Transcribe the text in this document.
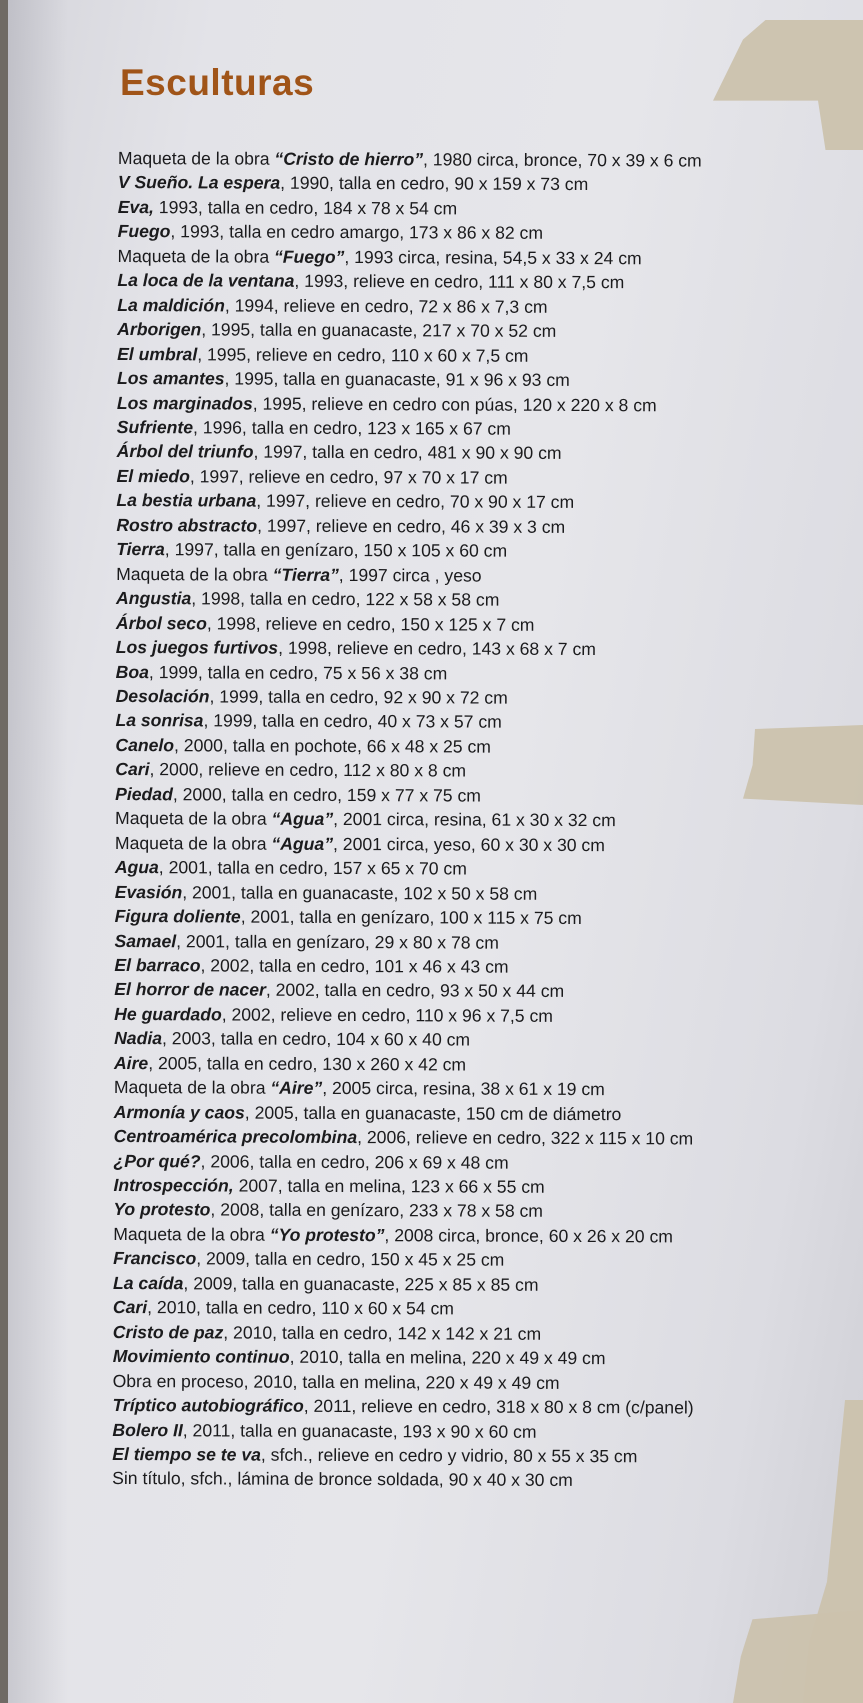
Esculturas
Maqueta de la obra “Cristo de hierro”, 1980 circa, bronce, 70 x 39 x 6 cm
V Sueño. La espera, 1990, talla en cedro, 90 x 159 x 73 cm
Eva, 1993, talla en cedro, 184 x 78 x 54 cm
Fuego, 1993, talla en cedro amargo, 173 x 86 x 82 cm
Maqueta de la obra “Fuego”, 1993 circa, resina, 54,5 x 33 x 24 cm
La loca de la ventana, 1993, relieve en cedro, 111 x 80 x 7,5 cm
La maldición, 1994, relieve en cedro, 72 x 86 x 7,3 cm
Arborigen, 1995, talla en guanacaste, 217 x 70 x 52 cm
El umbral, 1995, relieve en cedro, 110 x 60 x 7,5 cm
Los amantes, 1995, talla en guanacaste, 91 x 96 x 93 cm
Los marginados, 1995, relieve en cedro con púas, 120 x 220 x 8 cm
Sufriente, 1996, talla en cedro, 123 x 165 x 67 cm
Árbol del triunfo, 1997, talla en cedro, 481 x 90 x 90 cm
El miedo, 1997, relieve en cedro, 97 x 70 x 17 cm
La bestia urbana, 1997, relieve en cedro, 70 x 90 x 17 cm
Rostro abstracto, 1997, relieve en cedro, 46 x 39 x 3 cm
Tierra, 1997, talla en genízaro, 150 x 105 x 60 cm
Maqueta de la obra “Tierra”, 1997 circa , yeso
Angustia, 1998, talla en cedro, 122 x 58 x 58 cm
Árbol seco, 1998, relieve en cedro, 150 x 125 x 7 cm
Los juegos furtivos, 1998, relieve en cedro, 143 x 68 x 7 cm
Boa, 1999, talla en cedro, 75 x 56 x 38 cm
Desolación, 1999, talla en cedro, 92 x 90 x 72 cm
La sonrisa, 1999, talla en cedro, 40 x 73 x 57 cm
Canelo, 2000, talla en pochote, 66 x 48 x 25 cm
Cari, 2000, relieve en cedro, 112 x 80 x 8 cm
Piedad, 2000, talla en cedro, 159 x 77 x 75 cm
Maqueta de la obra “Agua”, 2001 circa, resina, 61 x 30 x 32 cm
Maqueta de la obra “Agua”, 2001 circa, yeso, 60 x 30 x 30 cm
Agua, 2001, talla en cedro, 157 x 65 x 70 cm
Evasión, 2001, talla en guanacaste, 102 x 50 x 58 cm
Figura doliente, 2001, talla en genízaro, 100 x 115 x 75 cm
Samael, 2001, talla en genízaro, 29 x 80 x 78 cm
El barraco, 2002, talla en cedro, 101 x 46 x 43 cm
El horror de nacer, 2002, talla en cedro, 93 x 50 x 44 cm
He guardado, 2002, relieve en cedro, 110 x 96 x 7,5 cm
Nadia, 2003, talla en cedro, 104 x 60 x 40 cm
Aire, 2005, talla en cedro, 130 x 260 x 42 cm
Maqueta de la obra “Aire”, 2005 circa, resina, 38 x 61 x 19 cm
Armonía y caos, 2005, talla en guanacaste, 150 cm de diámetro
Centroamérica precolombina, 2006, relieve en cedro, 322 x 115 x 10 cm
¿Por qué?, 2006, talla en cedro, 206 x 69 x 48 cm
Introspección, 2007, talla en melina, 123 x 66 x 55 cm
Yo protesto, 2008, talla en genízaro, 233 x 78 x 58 cm
Maqueta de la obra “Yo protesto”, 2008 circa, bronce, 60 x 26 x 20 cm
Francisco, 2009, talla en cedro, 150 x 45 x 25 cm
La caída, 2009, talla en guanacaste, 225 x 85 x 85 cm
Cari, 2010, talla en cedro, 110 x 60 x 54 cm
Cristo de paz, 2010, talla en cedro, 142 x 142 x 21 cm
Movimiento continuo, 2010, talla en melina, 220 x 49 x 49 cm
Obra en proceso, 2010, talla en melina, 220 x 49 x 49 cm
Tríptico autobiográfico, 2011, relieve en cedro, 318 x 80 x 8 cm (c/panel)
Bolero II, 2011, talla en guanacaste, 193 x 90 x 60 cm
El tiempo se te va, sfch., relieve en cedro y vidrio, 80 x 55 x 35 cm
Sin título, sfch., lámina de bronce soldada, 90 x 40 x 30 cm
